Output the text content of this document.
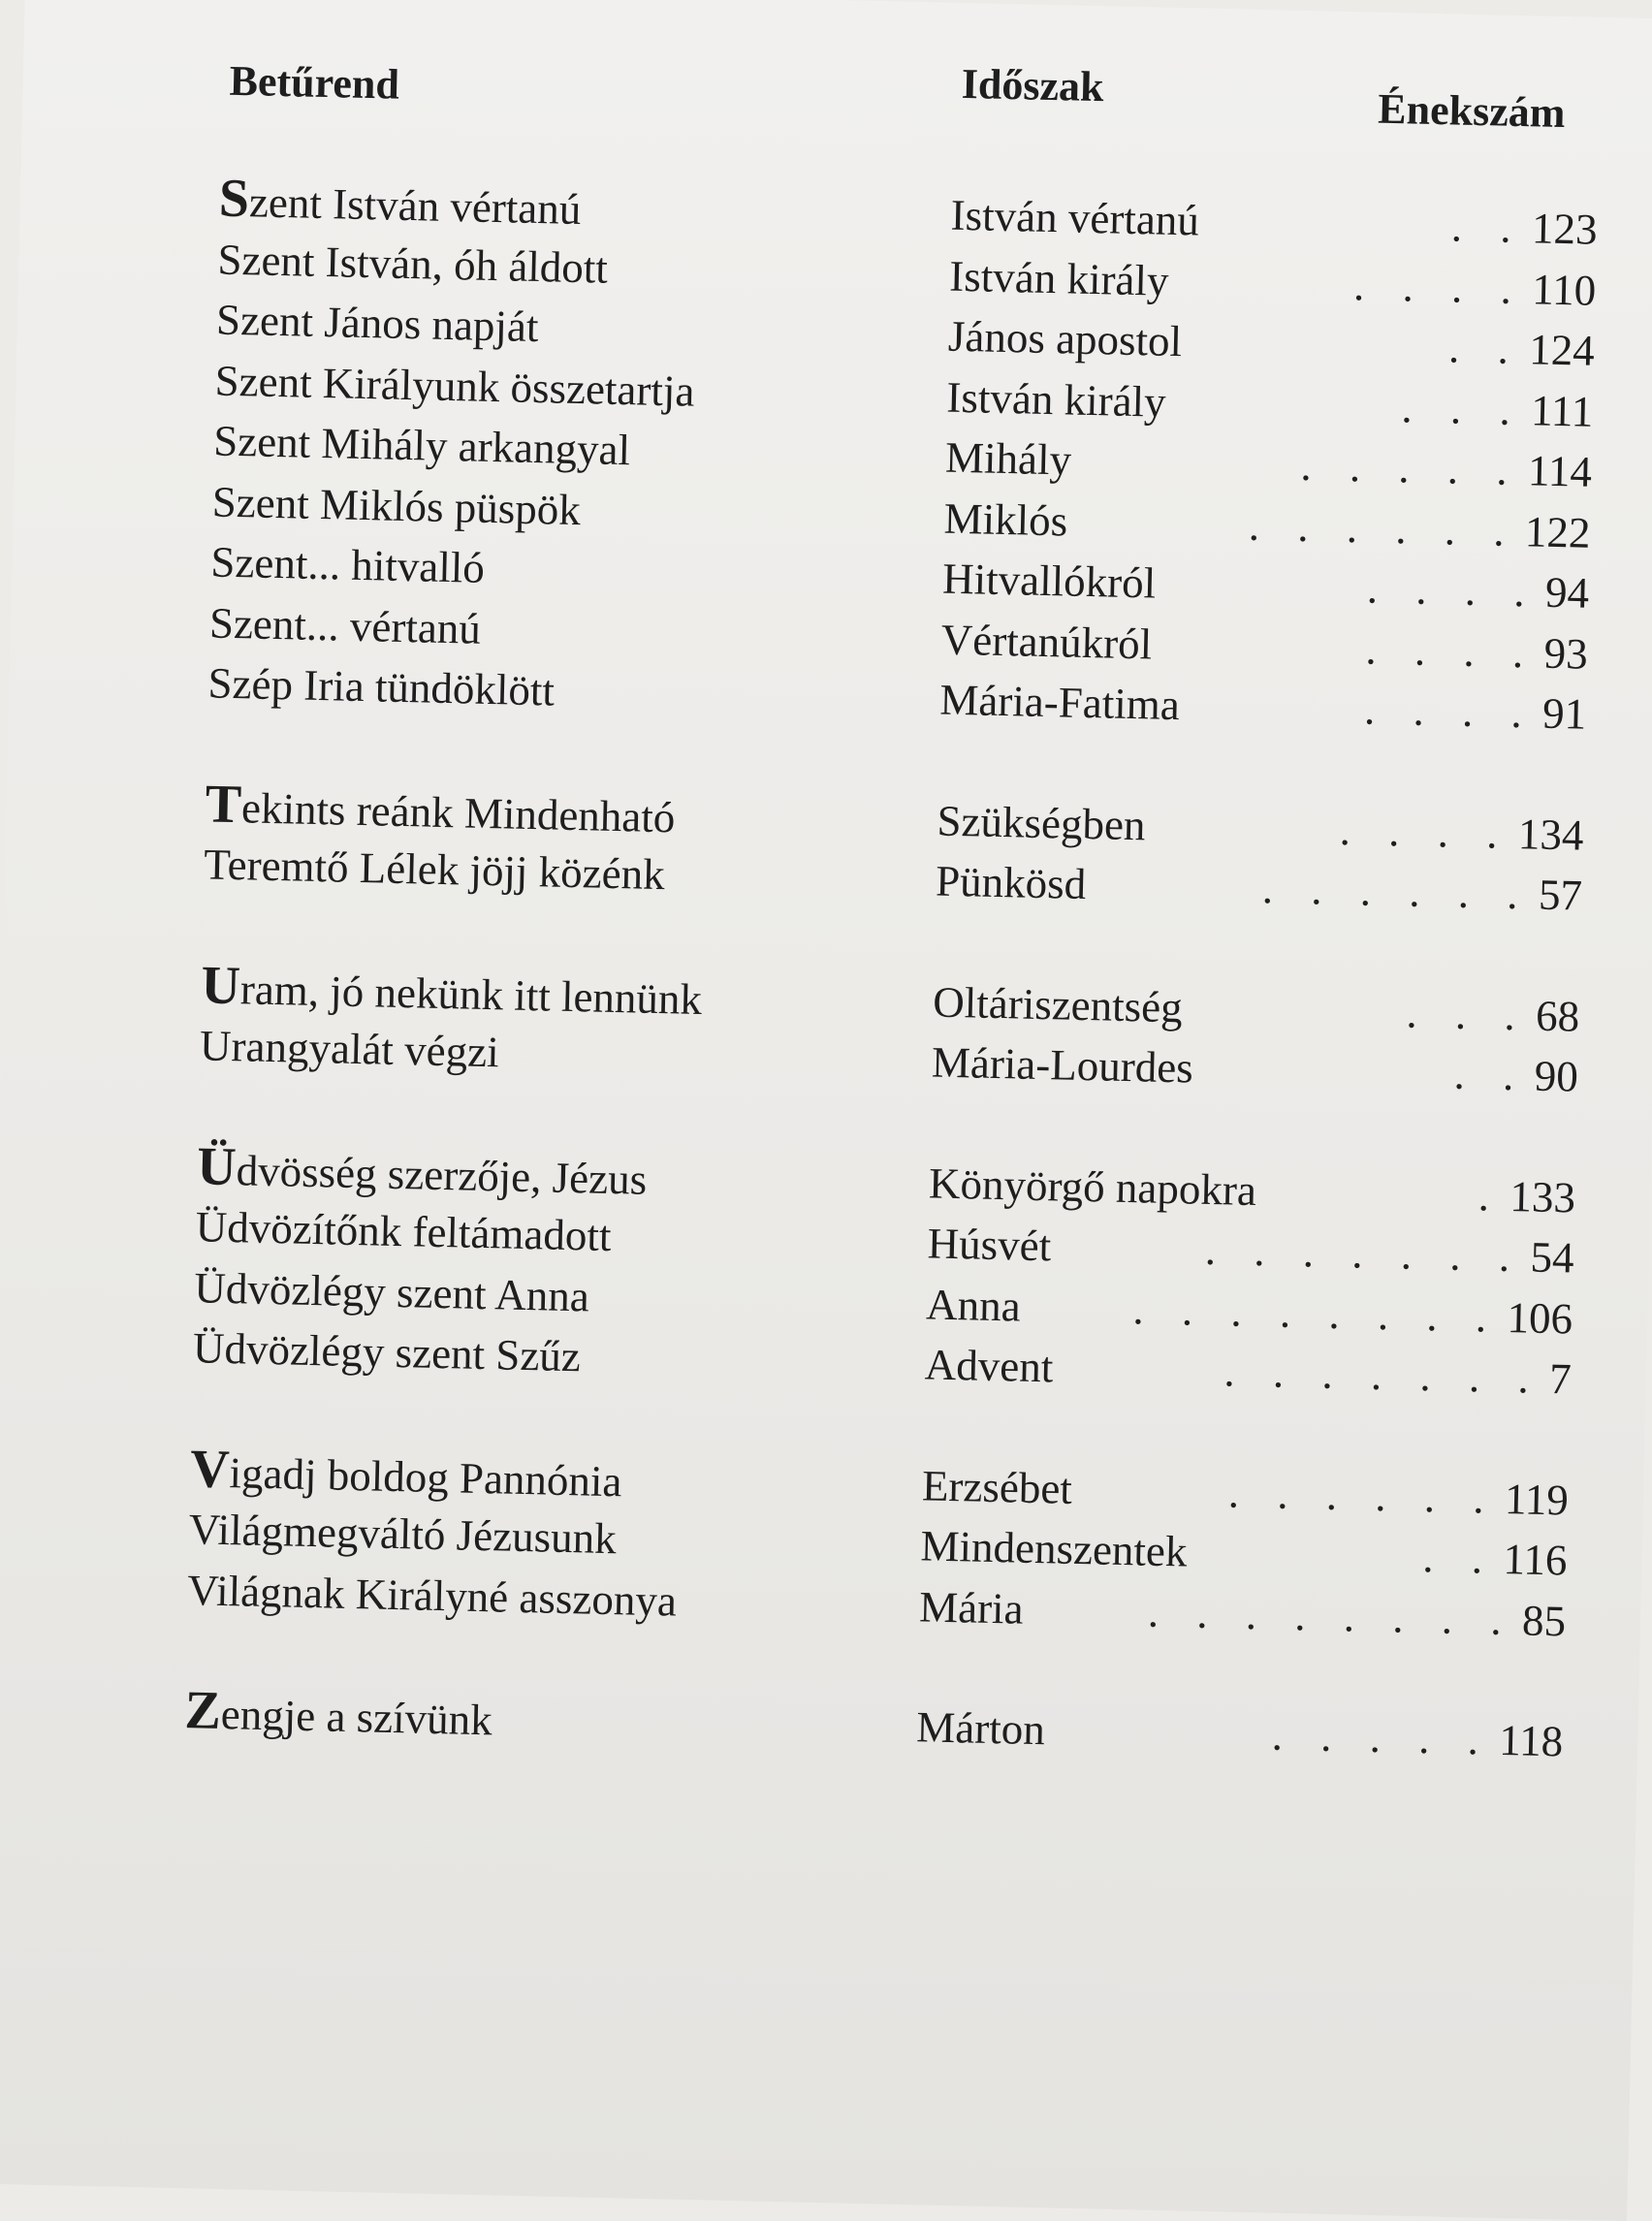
Betűrend	Időszak	Énekszám
Szent István vértanú	István vértanú	. . 123
Szent István, óh áldott	István király	. . . . 110
Szent János napját	János apostol	. . 124
Szent Királyunk összetartja	István király	. . . 111
Szent Mihály arkangyal	Mihály	. . . . . 114
Szent Miklós püspök	Miklós	. . . . . . 122
Szent... hitvalló	Hitvallókról	. . . . 94
Szent... vértanú	Vértanúkról	. . . . 93
Szép Iria tündöklött	Mária-Fatima	. . . . 91
Tekints reánk Mindenható	Szükségben	. . . . 134
Teremtő Lélek jöjj közénk	Pünkösd	. . . . . . 57
Uram, jó nekünk itt lennünk	Oltáriszentség	. . . 68
Urangyalát végzi	Mária-Lourdes	. . 90
Üdvösség szerzője, Jézus	Könyörgő napokra	. 133
Üdvözítőnk feltámadott	Húsvét	. . . . . . . 54
Üdvözlégy szent Anna	Anna	. . . . . . . . 106
Üdvözlégy szent Szűz	Advent	. . . . . . . 7
Vigadj boldog Pannónia	Erzsébet	. . . . . . 119
Világmegváltó Jézusunk	Mindenszentek	. . 116
Világnak Királyné asszonya	Mária	. . . . . . . . 85
Zengje a szívünk	Márton	. . . . . 118
